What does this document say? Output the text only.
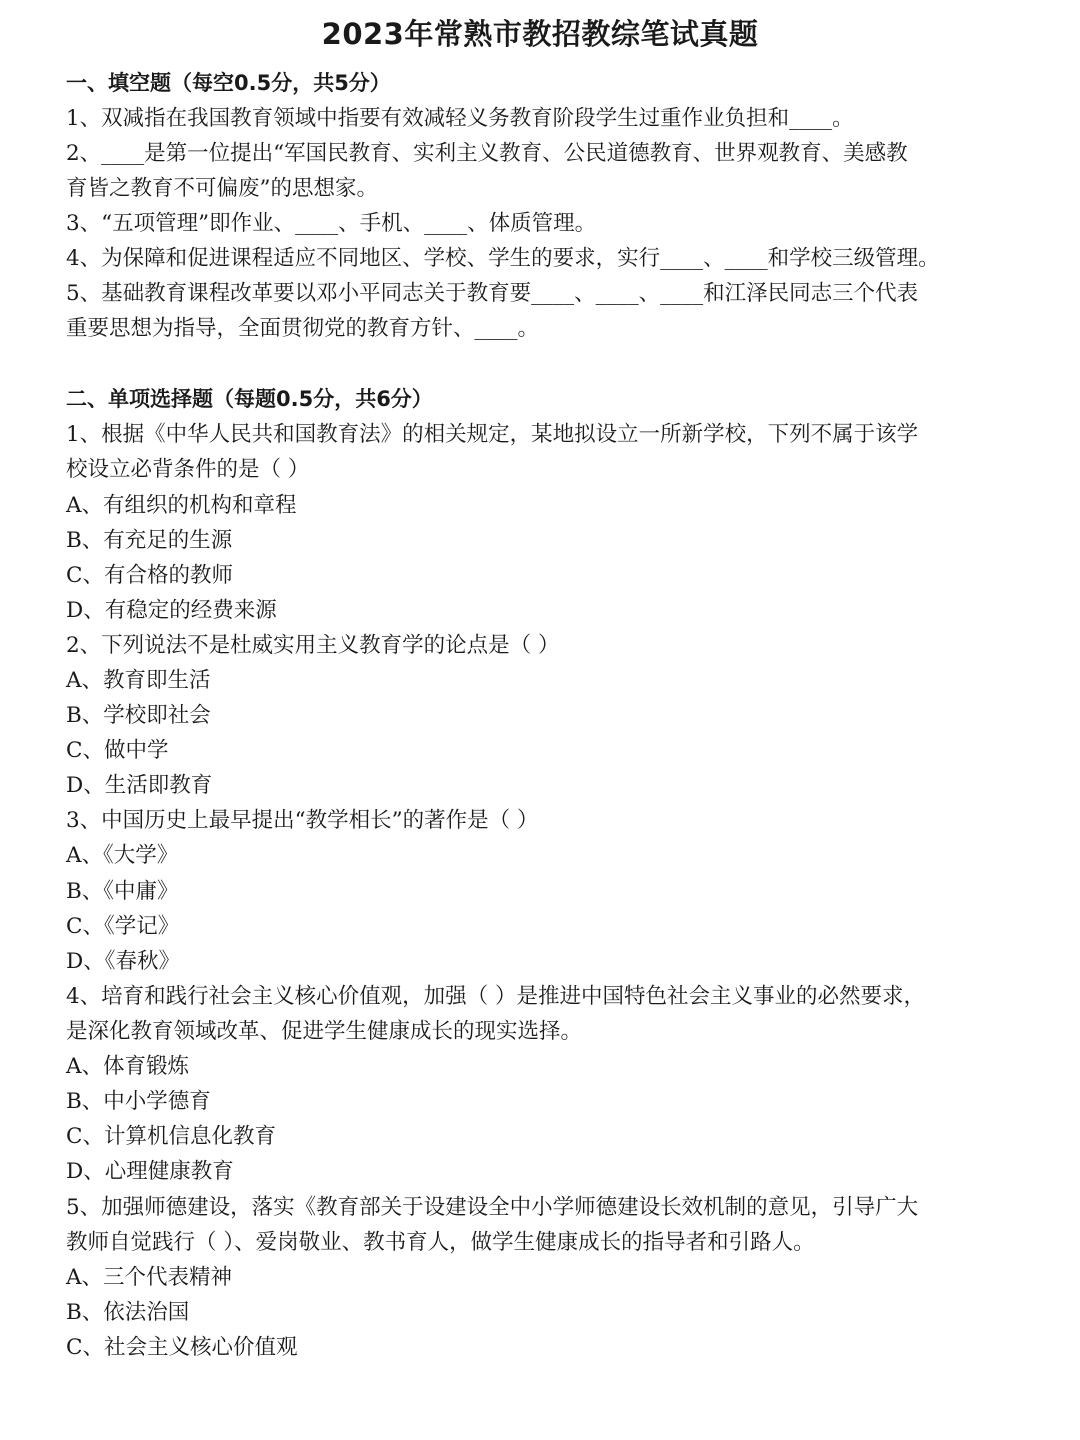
2023年常熟市教招教综笔试真题
一、填空题（每空0.5分，共5分）
1、双减指在我国教育领域中指要有效减轻义务教育阶段学生过重作业负担和____。
2、____是第一位提出“军国民教育、实利主义教育、公民道德教育、世界观教育、美感教
育皆之教育不可偏废”的思想家。
3、“五项管理”即作业、____、手机、____、体质管理。
4、为保障和促进课程适应不同地区、学校、学生的要求，实行____、____和学校三级管理。
5、基础教育课程改革要以邓小平同志关于教育要____、____、____和江泽民同志三个代表
重要思想为指导，全面贯彻党的教育方针、____。
二、单项选择题（每题0.5分，共6分）
1、根据《中华人民共和国教育法》的相关规定，某地拟设立一所新学校，下列不属于该学
校设立必背条件的是（ ）
A、有组织的机构和章程
B、有充足的生源
C、有合格的教师
D、有稳定的经费来源
2、下列说法不是杜威实用主义教育学的论点是（ ）
A、教育即生活
B、学校即社会
C、做中学
D、生活即教育
3、中国历史上最早提出“教学相长”的著作是（ ）
A、《大学》
B、《中庸》
C、《学记》
D、《春秋》
4、培育和践行社会主义核心价值观，加强（ ）是推进中国特色社会主义事业的必然要求，
是深化教育领域改革、促进学生健康成长的现实选择。
A、体育锻炼
B、中小学德育
C、计算机信息化教育
D、心理健康教育
5、加强师德建设，落实《教育部关于设建设全中小学师德建设长效机制的意见，引导广大
教师自觉践行（ ）、爱岗敬业、教书育人，做学生健康成长的指导者和引路人。
A、三个代表精神
B、依法治国
C、社会主义核心价值观
